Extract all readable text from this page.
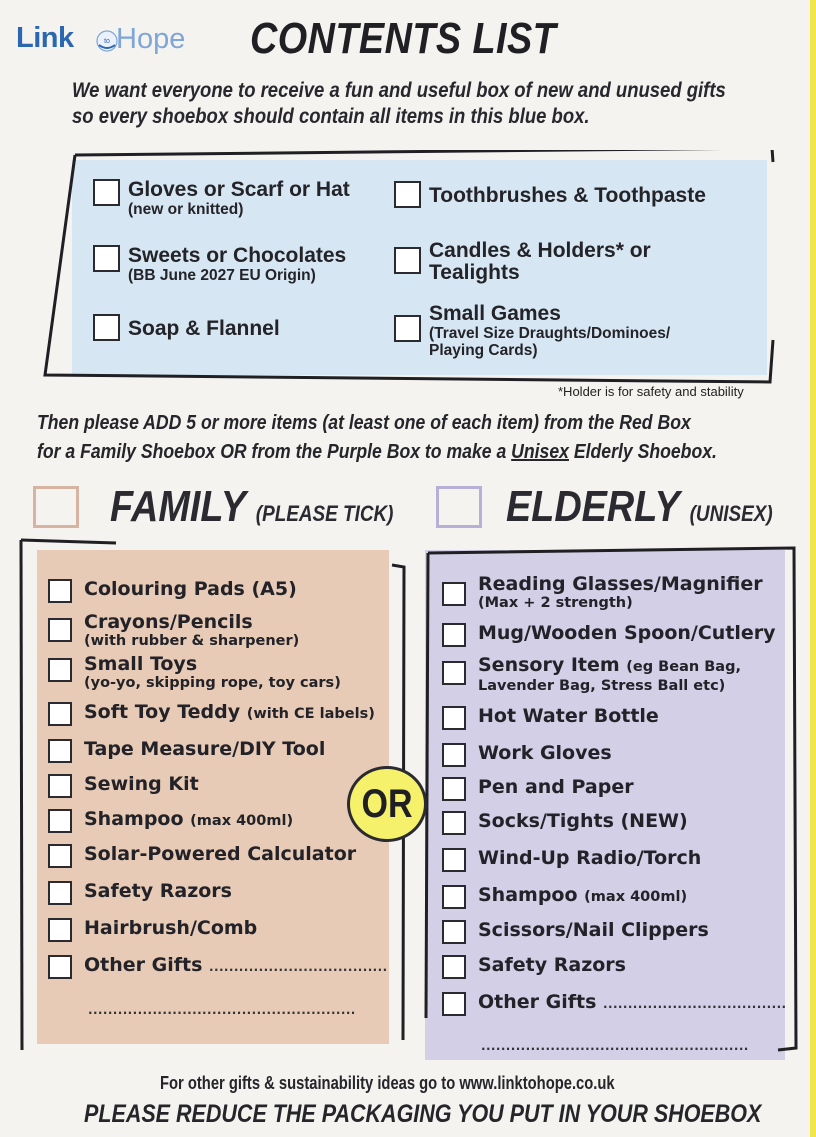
Link	to Hope CONTENTS LIST
We want everyone to receive a fun and useful box of new and unused gifts
so every shoebox should contain all items in this blue box.
Gloves or Scarf or Hat
(new or knitted)
Toothbrushes & Toothpaste
Sweets or Chocolates
(BB June 2027 EU Origin)
Candles & Holders* or
Tealights
Soap & Flannel
Small Games
(Travel Size Draughts/Dominoes/
Playing Cards)
*Holder is for safety and stability
Then please ADD 5 or more items (at least one of each item) from the Red Box
for a Family Shoebox OR from the Purple Box to make a Unisex Elderly Shoebox.
FAMILY (PLEASE TICK)	ELDERLY (UNISEX)
Colouring Pads (A5)
Crayons/Pencils
(with rubber & sharpener)
Small Toys
(yo-yo, skipping rope, toy cars)
Soft Toy Teddy (with CE labels)
Tape Measure/DIY Tool
Sewing Kit
Shampoo (max 400ml)
Solar-Powered Calculator
Safety Razors
Hairbrush/Comb
Other Gifts ....................................
......................................................
Reading Glasses/Magnifier
(Max + 2 strength)
Mug/Wooden Spoon/Cutlery
Sensory Item (eg Bean Bag,
Lavender Bag, Stress Ball etc)
Hot Water Bottle
Work Gloves
Pen and Paper
Socks/Tights (NEW)
Wind-Up Radio/Torch
Shampoo (max 400ml)
Scissors/Nail Clippers
Safety Razors
Other Gifts .....................................
......................................................
OR
For other gifts & sustainability ideas go to www.linktohope.co.uk
PLEASE REDUCE THE PACKAGING YOU PUT IN YOUR SHOEBOX
